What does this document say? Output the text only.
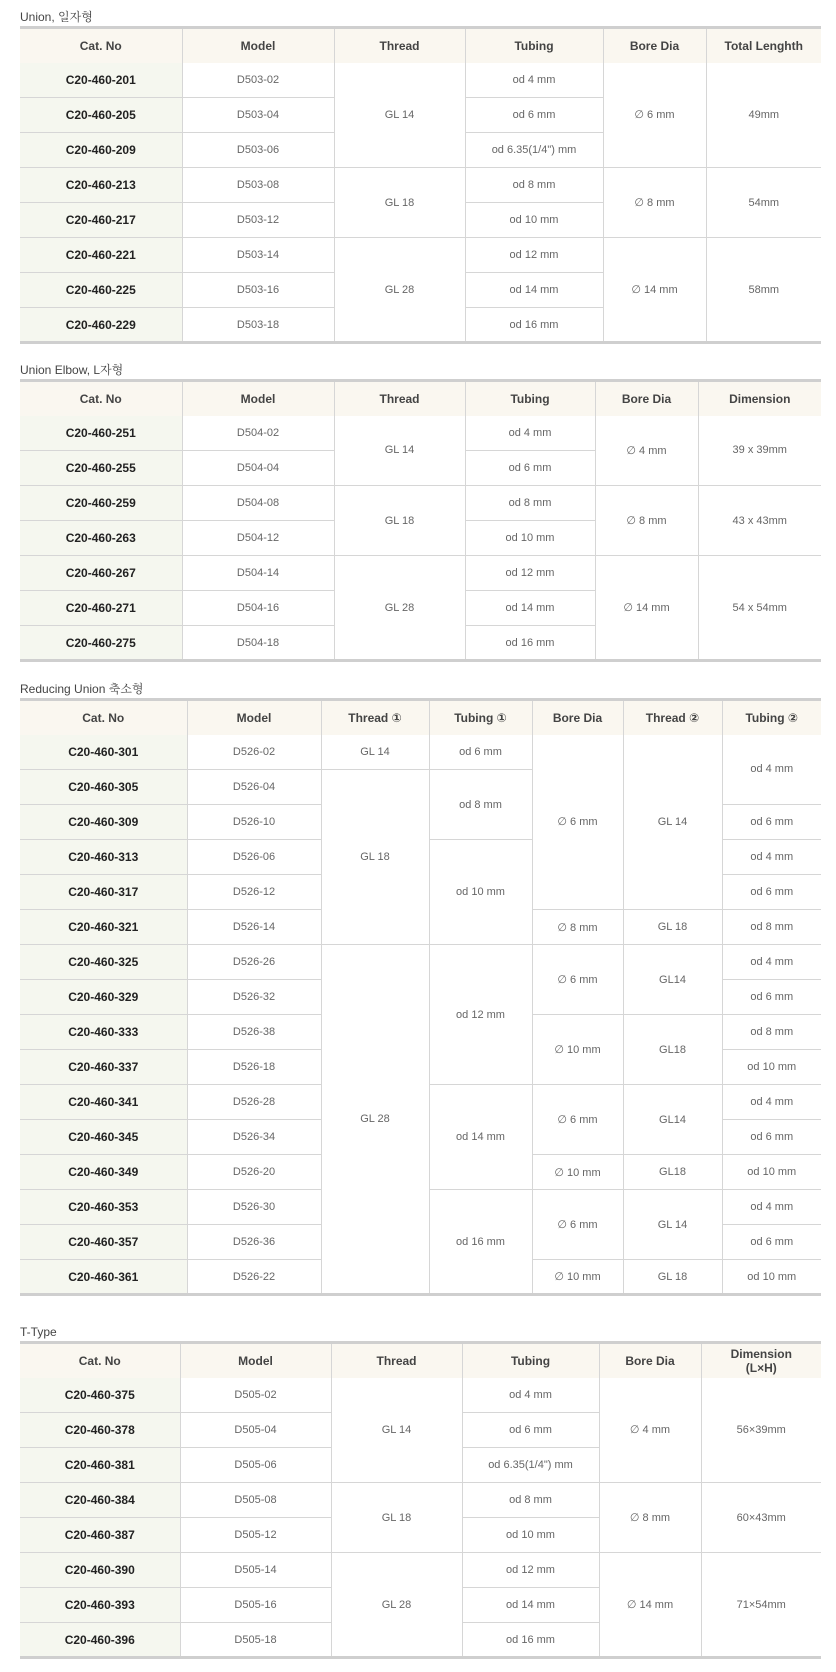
Union, 일자형
Cat. No	Model	Thread	Tubing	Bore Dia	Total Lenghth
C20-460-201	D503-02	GL 14	od 4 mm	∅ 6 mm	49mm
C20-460-205	D503-04		od 6 mm		
C20-460-209	D503-06		od 6.35(1/4") mm		
C20-460-213	D503-08	GL 18	od 8 mm	∅ 8 mm	54mm
C20-460-217	D503-12		od 10 mm		
C20-460-221	D503-14	GL 28	od 12 mm	∅ 14 mm	58mm
C20-460-225	D503-16		od 14 mm		
C20-460-229	D503-18		od 16 mm		
Union Elbow, L자형
Cat. No	Model	Thread	Tubing	Bore Dia	Dimension
C20-460-251	D504-02	GL 14	od 4 mm	∅ 4 mm	39 x 39mm
C20-460-255	D504-04		od 6 mm		
C20-460-259	D504-08	GL 18	od 8 mm	∅ 8 mm	43 x 43mm
C20-460-263	D504-12		od 10 mm		
C20-460-267	D504-14	GL 28	od 12 mm	∅ 14 mm	54 x 54mm
C20-460-271	D504-16		od 14 mm		
C20-460-275	D504-18		od 16 mm		
Reducing Union 축소형
Cat. No	Model	Thread ①	Tubing ①	Bore Dia	Thread ②	Tubing ②
C20-460-301	D526-02	GL 14	od 6 mm	∅ 6 mm	GL 14	od 4 mm
C20-460-305	D526-04	GL 18	od 8 mm			
C20-460-309	D526-10					od 6 mm
C20-460-313	D526-06		od 10 mm			od 4 mm
C20-460-317	D526-12					od 6 mm
C20-460-321	D526-14			∅ 8 mm	GL 18	od 8 mm
C20-460-325	D526-26	GL 28	od 12 mm	∅ 6 mm	GL14	od 4 mm
C20-460-329	D526-32					od 6 mm
C20-460-333	D526-38			∅ 10 mm	GL18	od 8 mm
C20-460-337	D526-18					od 10 mm
C20-460-341	D526-28		od 14 mm	∅ 6 mm	GL14	od 4 mm
C20-460-345	D526-34					od 6 mm
C20-460-349	D526-20			∅ 10 mm	GL18	od 10 mm
C20-460-353	D526-30		od 16 mm	∅ 6 mm	GL 14	od 4 mm
C20-460-357	D526-36					od 6 mm
C20-460-361	D526-22			∅ 10 mm	GL 18	od 10 mm
T-Type
Cat. No	Model	Thread	Tubing	Bore Dia	Dimension
(L×H)
C20-460-375	D505-02	GL 14	od 4 mm	∅ 4 mm	56×39mm
C20-460-378	D505-04		od 6 mm		
C20-460-381	D505-06		od 6.35(1/4") mm		
C20-460-384	D505-08	GL 18	od 8 mm	∅ 8 mm	60×43mm
C20-460-387	D505-12		od 10 mm		
C20-460-390	D505-14	GL 28	od 12 mm	∅ 14 mm	71×54mm
C20-460-393	D505-16		od 14 mm		
C20-460-396	D505-18		od 16 mm		
